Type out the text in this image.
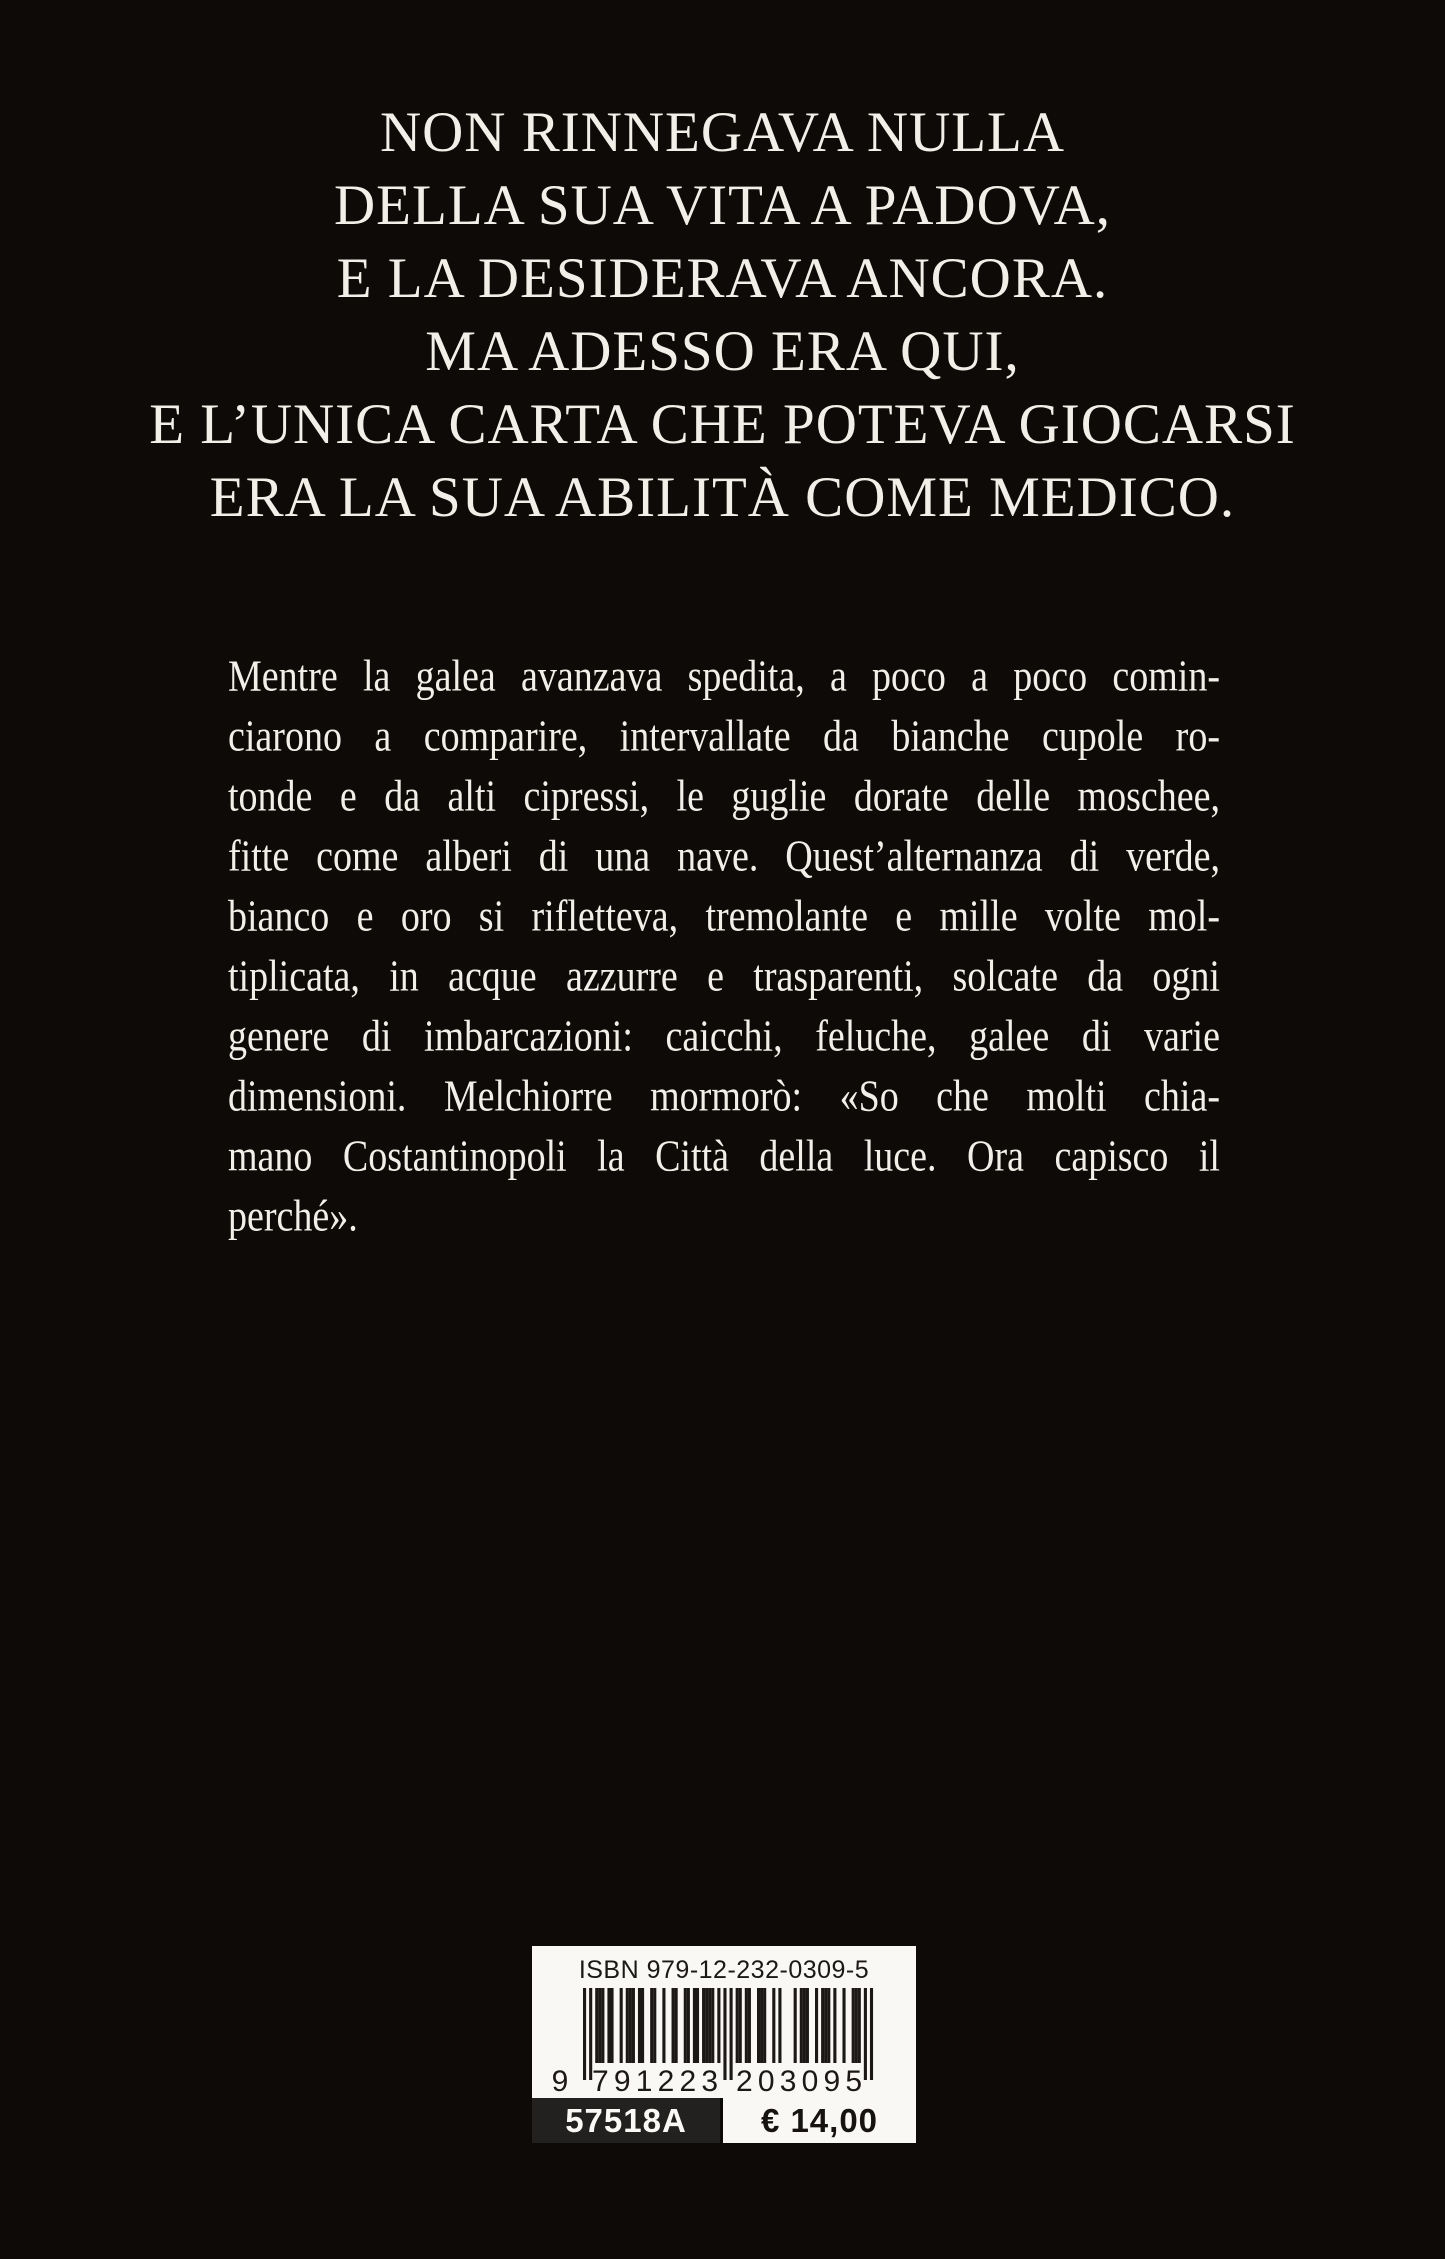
NON RINNEGAVA NULLA
DELLA SUA VITA A PADOVA,
E LA DESIDERAVA ANCORA.
MA ADESSO ERA QUI,
E L’UNICA CARTA CHE POTEVA GIOCARSI
ERA LA SUA ABILITÀ COME MEDICO.
Mentre la galea avanzava spedita, a poco a poco comin-
ciarono a comparire, intervallate da bianche cupole ro-
tonde e da alti cipressi, le guglie dorate delle moschee,
fitte come alberi di una nave. Quest’alternanza di verde,
bianco e oro si rifletteva, tremolante e mille volte mol-
tiplicata, in acque azzurre e trasparenti, solcate da ogni
genere di imbarcazioni: caicchi, feluche, galee di varie
dimensioni. Melchiorre mormorò: «So che molti chia-
mano Costantinopoli la Città della luce. Ora capisco il
perché».
ISBN 979-12-232-0309-5
9 791223 203095
57518A	€ 14,00
